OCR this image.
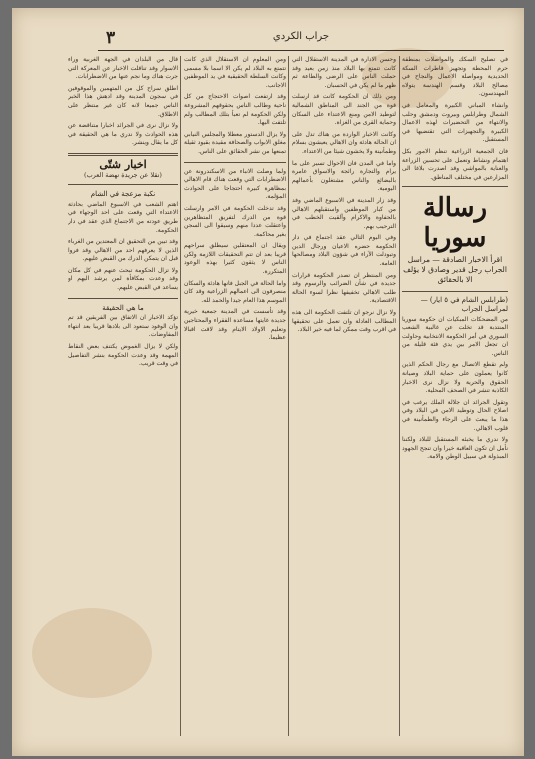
٣	جراب الكردي

في تصليح السكك والمواصلات بمنطقة حرم المحطة وتجهيز قاطرات السكة الحديدية ومواصلة الاعمال والنجاح في مصالح البلاد وقسم الهندسة يتولاه المهندسون.

وانشاء المباني الكبيرة والمعامل في الشمال وطرابلس وبيروت ودمشق وحلب والانتهاء من التحضيرات لهذه الاعمال الكبيرة والتجهيزات التي تقتضيها في المستقبل.

فان الجمعية الزراعية تنظم الامور بكل اهتمام ونشاط وتعمل على تحسين الزراعة والعناية بالمواشي وقد اصدرت بلاغا الى المزارعين في مختلف المناطق.

رسالة سوريا
اقرأ الاخبار الصادقة — مراسل الجراب رجل قدير وصادق لا يؤلف الا بالحقائق
(طرابلس الشام في ٥ ايار) — لمراسل الجراب

من المضحكات المبكيات ان حكومة سوريا المنتدبة قد تخلت عن غالبية الشعب السوري في أمر الحكومة الانتخابية وحاولت ان تجعل الامر بين يدي فئة قليلة من الناس.

ولم تقطع الاتصال مع رجال الحكم الذين كانوا يعملون على حماية البلاد وصيانة الحقوق والحرية ولا نزال نرى الاخبار الكاذبة تنشر في الصحف المحلية.

وتقول الجرائد ان جلالة الملك يرغب في اصلاح الحال وتوطيد الامن في البلاد وفي هذا ما يبعث على الرجاء والطمأنينة في قلوب الاهالي.

ولا ندري ما يخبئه المستقبل للبلاد ولكننا نأمل ان تكون العاقبة خيرا وان تنجح الجهود المبذولة في سبيل الوطن والامة.

وحسن الادارة في المدينة الاستقلال التي كانت تتمتع بها البلاد منذ زمن بعيد وقد حملت الناس على الرضى والطاعة ثم ظهر ما لم يكن في الحسبان.

ومن ذلك ان الحكومة كانت قد ارسلت قوة من الجند الى المناطق الشمالية لتوطيد الامن ومنع الاعتداء على السكان وحماية القرى من الغزاة.

وكانت الاخبار الواردة من هناك تدل على ان الحالة هادئة وان الاهالي يعيشون بسلام وطمأنينة ولا يخشون شيئا من الاعتداء.

واما في المدن فان الاحوال تسير على ما يرام والتجارة رائجة والاسواق عامرة بالبضائع والناس مشتغلون بأعمالهم اليومية.

وقد زار المدينة في الاسبوع الماضي وفد من كبار الموظفين واستقبلهم الاهالي بالحفاوة والاكرام وألقيت الخطب في الترحيب بهم.

وفي اليوم التالي عقد اجتماع في دار الحكومة حضره الاعيان ورجال الدين وتبودلت الآراء في شؤون البلاد ومصالحها العامة.

ومن المنتظر ان تصدر الحكومة قرارات جديدة في شأن الضرائب والرسوم وقد طلب الاهالي تخفيفها نظرا لسوء الحالة الاقتصادية.

ولا نزال نرجو ان تلتفت الحكومة الى هذه المطالب العادلة وان تعمل على تحقيقها في اقرب وقت ممكن لما فيه خير البلاد.

ومن المعلوم ان الاستقلال الذي كانت تتمتع به البلاد لم يكن الا اسما بلا مسمى وكانت السلطة الحقيقية في يد الموظفين الاجانب.

وقد ارتفعت اصوات الاحتجاج من كل ناحية وطالب الناس بحقوقهم المشروعة ولكن الحكومة لم تعبأ بتلك المطالب ولم تلتفت اليها.

ولا يزال الدستور معطلا والمجلس النيابي مغلق الابواب والصحافة مقيدة بقيود ثقيلة تمنعها من نشر الحقائق على الناس.

ولما وصلت الانباء من الاسكندرونة عن الاضطرابات التي وقعت هناك قام الاهالي بمظاهرة كبيرة احتجاجا على الحوادث المؤلمة.

وقد تدخلت الحكومة في الامر وارسلت قوة من الدرك لتفريق المتظاهرين واعتقلت عددا منهم وسيقوا الى السجن بغير محاكمة.

ويقال ان المعتقلين سيطلق سراحهم قريبا بعد ان تتم التحقيقات اللازمة ولكن الناس لا يثقون كثيرا بهذه الوعود المتكررة.

واما الحالة في الجبل فانها هادئة والسكان منصرفون الى اعمالهم الزراعية وقد كان الموسم هذا العام جيدا والحمد لله.

وقد تأسست في المدينة جمعية خيرية جديدة غايتها مساعدة الفقراء والمحتاجين وتعليم الاولاد الايتام وقد لاقت اقبالا عظيما.

قال من البلدان في الجهة الغربية وراء الاسوار وقد تناقلت الاخبار عن المعركة التي جرت هناك وما نجم عنها من الاضطرابات.

اطلق سراح كل من المتهمين والموقوفين في سجون المدينة وقد ادهش هذا الخبر الناس جميعا لانه كان غير منتظر على الاطلاق.

ولا نزال نرى في الجرائد اخبارا متناقضة عن هذه الحوادث ولا ندري ما هي الحقيقة في كل ما يقال وينشر.

اخبار شتّى
(نقلا عن جريدة نهضة العرب)
نكبة مزعجة في الشام

اهتم الشعب في الاسبوع الماضي بحادثة الاعتداء التي وقعت على احد الوجهاء في طريق عودته من الاجتماع الذي عقد في دار الحكومة.

وقد تبين من التحقيق ان المعتدين من الغرباء الذين لا يعرفهم احد من الاهالي وقد فروا قبل ان يتمكن الدرك من القبض عليهم.

ولا تزال الحكومة تبحث عنهم في كل مكان وقد وعدت بمكافأة لمن يرشد اليهم او يساعد في القبض عليهم.

ما هي الحقيقة

تؤكد الاخبار ان الاتفاق بين الفريقين قد تم وان الوفود ستعود الى بلادها قريبا بعد انتهاء المفاوضات.

ولكن لا يزال الغموض يكتنف بعض النقاط المهمة وقد وعدت الحكومة بنشر التفاصيل في وقت قريب.
